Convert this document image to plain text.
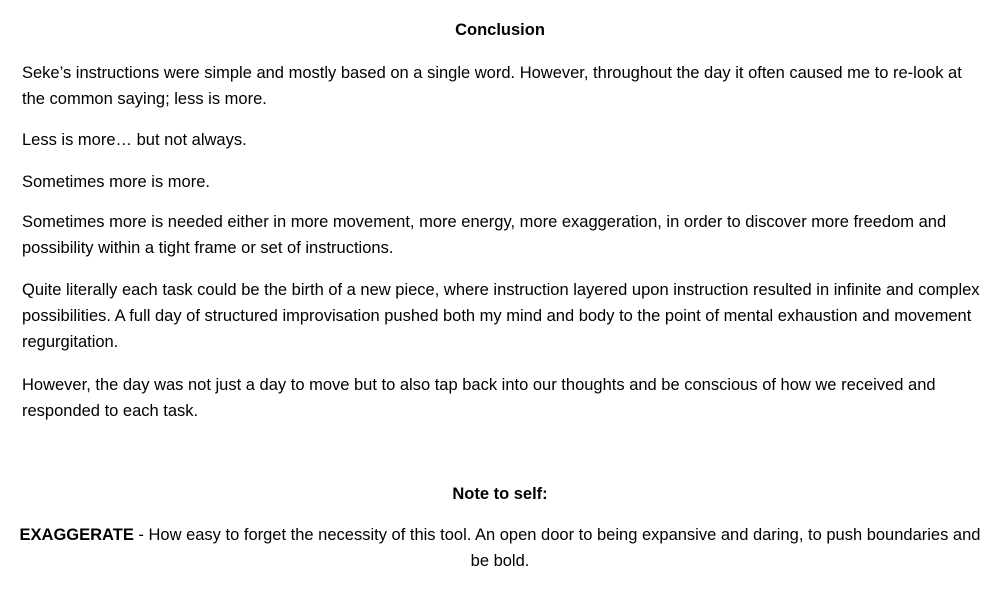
Conclusion

Seke’s instructions were simple and mostly based on a single word. However, throughout the day it often caused me to re-look at the common saying; less is more.

Less is more… but not always.

Sometimes more is more.

Sometimes more is needed either in more movement, more energy, more exaggeration, in order to discover more freedom and possibility within a tight frame or set of instructions.

Quite literally each task could be the birth of a new piece, where instruction layered upon instruction resulted in infinite and complex possibilities. A full day of structured improvisation pushed both my mind and body to the point of mental exhaustion and movement regurgitation.

However, the day was not just a day to move but to also tap back into our thoughts and be conscious of how we received and responded to each task.

Note to self:

EXAGGERATE - How easy to forget the necessity of this tool. An open door to being expansive and daring, to push boundaries and be bold.
